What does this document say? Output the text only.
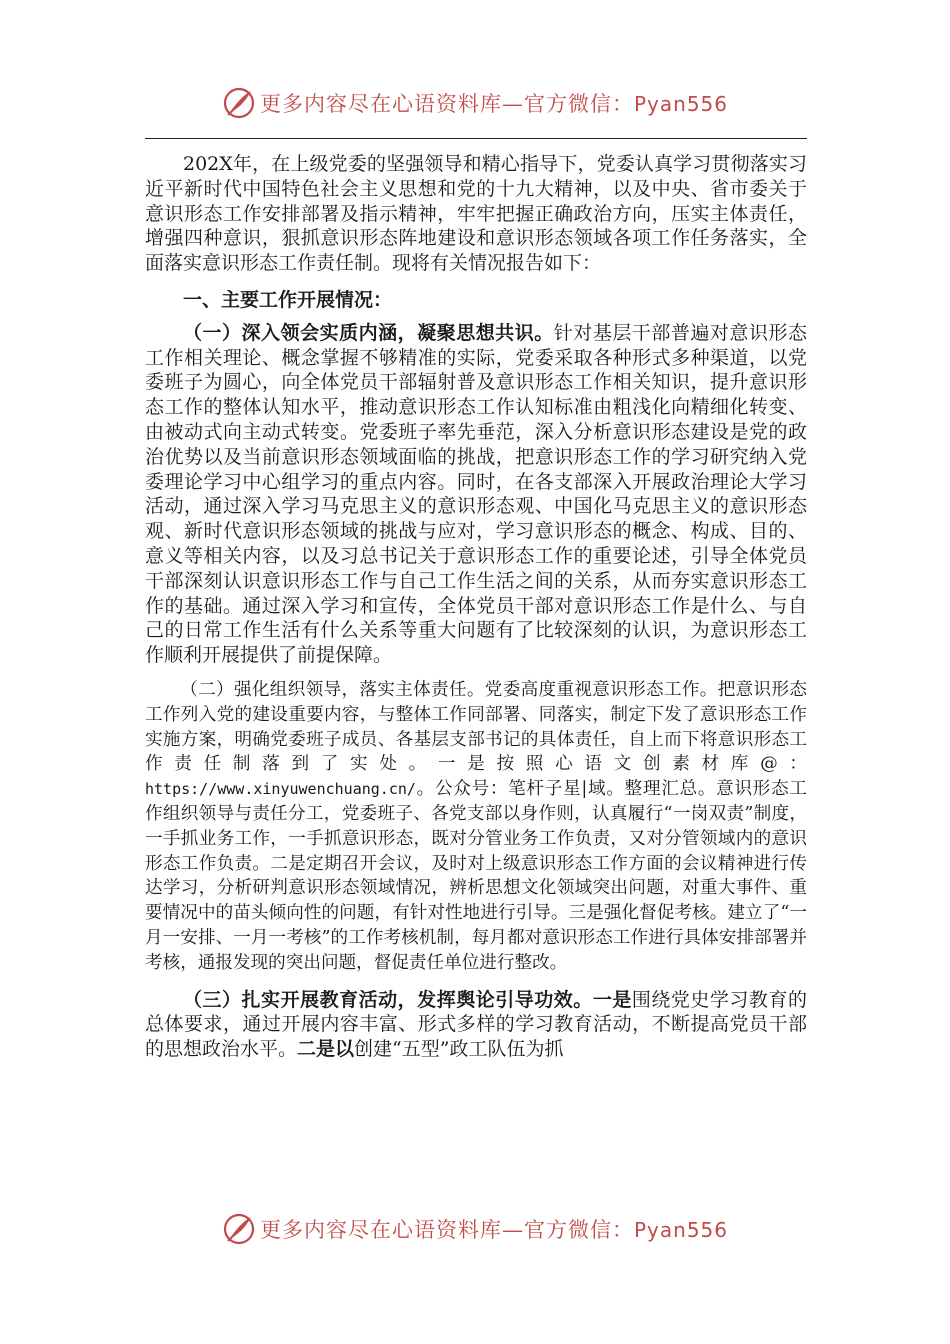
更多内容尽在心语资料库—官方微信：Pyan556

202X年，在上级党委的坚强领导和精心指导下，党委认真学习贯彻落实习近平新时代中国特色社会主义思想和党的十九大精神，以及中央、省市委关于意识形态工作安排部署及指示精神，牢牢把握正确政治方向，压实主体责任，增强四种意识，狠抓意识形态阵地建设和意识形态领域各项工作任务落实，全面落实意识形态工作责任制。现将有关情况报告如下：

一、主要工作开展情况：

（一）深入领会实质内涵，凝聚思想共识。针对基层干部普遍对意识形态工作相关理论、概念掌握不够精准的实际，党委采取各种形式多种渠道，以党委班子为圆心，向全体党员干部辐射普及意识形态工作相关知识，提升意识形态工作的整体认知水平，推动意识形态工作认知标准由粗浅化向精细化转变、由被动式向主动式转变。党委班子率先垂范，深入分析意识形态建设是党的政治优势以及当前意识形态领域面临的挑战，把意识形态工作的学习研究纳入党委理论学习中心组学习的重点内容。同时，在各支部深入开展政治理论大学习活动，通过深入学习马克思主义的意识形态观、中国化马克思主义的意识形态观、新时代意识形态领域的挑战与应对，学习意识形态的概念、构成、目的、意义等相关内容，以及习总书记关于意识形态工作的重要论述，引导全体党员干部深刻认识意识形态工作与自己工作生活之间的关系，从而夯实意识形态工作的基础。通过深入学习和宣传，全体党员干部对意识形态工作是什么、与自己的日常工作生活有什么关系等重大问题有了比较深刻的认识，为意识形态工作顺利开展提供了前提保障。

（二）强化组织领导，落实主体责任。党委高度重视意识形态工作。把意识形态工作列入党的建设重要内容，与整体工作同部署、同落实，制定下发了意识形态工作实施方案，明确党委班子成员、各基层支部书记的具体责任，自上而下将意识形态工作责任制落到了实处。一是按照心语文创素材库@：https://www.xinyuwenchuang.cn/。公众号：笔杆子星|域。整理汇总。意识形态工作组织领导与责任分工，党委班子、各党支部以身作则，认真履行“一岗双责”制度，一手抓业务工作，一手抓意识形态，既对分管业务工作负责，又对分管领域内的意识形态工作负责。二是定期召开会议，及时对上级意识形态工作方面的会议精神进行传达学习，分析研判意识形态领域情况，辨析思想文化领域突出问题，对重大事件、重要情况中的苗头倾向性的问题，有针对性地进行引导。三是强化督促考核。建立了“一月一安排、一月一考核”的工作考核机制，每月都对意识形态工作进行具体安排部署并考核，通报发现的突出问题，督促责任单位进行整改。

（三）扎实开展教育活动，发挥舆论引导功效。一是围绕党史学习教育的总体要求，通过开展内容丰富、形式多样的学习教育活动，不断提高党员干部的思想政治水平。二是以创建“五型”政工队伍为抓

更多内容尽在心语资料库—官方微信：Pyan556
